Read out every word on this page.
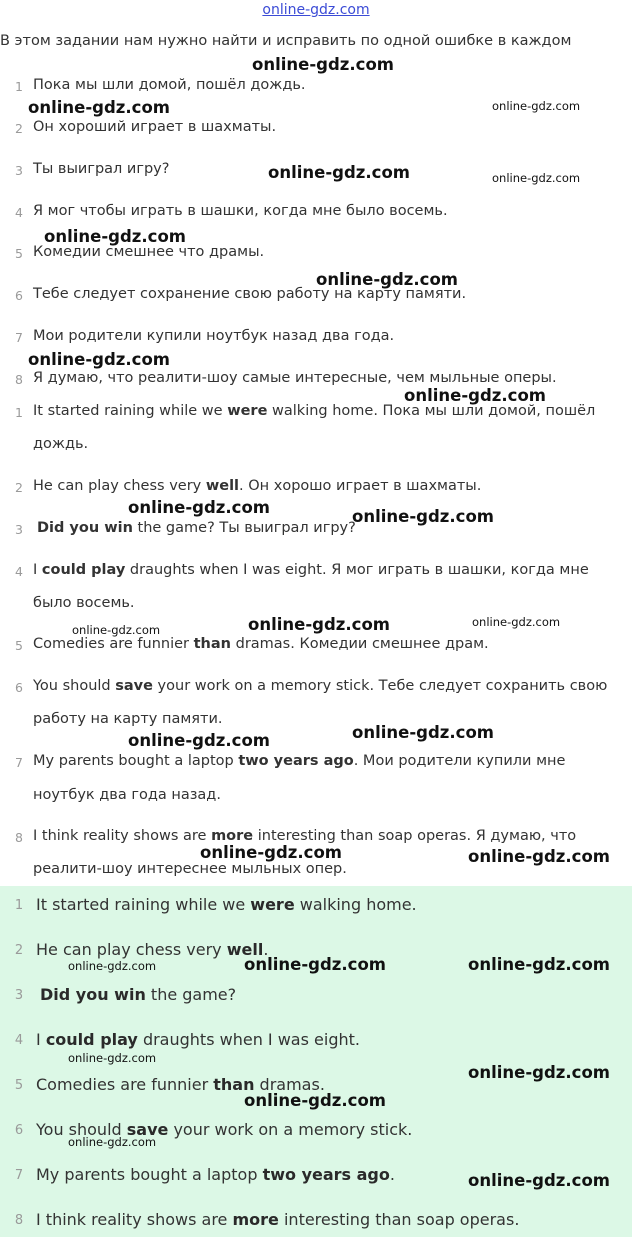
online-gdz.com
В этом задании нам нужно найти и исправить по одной ошибке в каждом
1 Пока мы шли домой, пошёл дождь.
2 Он хороший играет в шахматы.
3 Ты выиграл игру?
4 Я мог чтобы играть в шашки, когда мне было восемь.
5 Комедии смешнее что драмы.
6 Тебе следует сохранение свою работу на карту памяти.
7 Мои родители купили ноутбук назад два года.
8 Я думаю, что реалити-шоу самые интересные, чем мыльные оперы.
1 It started raining while we were walking home. Пока мы шли домой, пошёл
дождь.
2 He can play chess very well. Он хорошо играет в шахматы.
3 Did you win the game? Ты выиграл игру?
4 I could play draughts when I was eight. Я мог играть в шашки, когда мне
было восемь.
5 Comedies are funnier than dramas. Комедии смешнее драм.
6 You should save your work on a memory stick. Тебе следует сохранить свою
работу на карту памяти.
7 My parents bought a laptop two years ago. Мои родители купили мне
ноутбук два года назад.
8 I think reality shows are more interesting than soap operas. Я думаю, что
реалити-шоу интереснее мыльных опер.
1 It started raining while we were walking home.
2 He can play chess very well.
3 Did you win the game?
4 I could play draughts when I was eight.
5 Comedies are funnier than dramas.
6 You should save your work on a memory stick.
7 My parents bought a laptop two years ago.
8 I think reality shows are more interesting than soap operas.
online-gdz.com
online-gdz.com	online-gdz.com
online-gdz.com	online-gdz.com
online-gdz.com
online-gdz.com
online-gdz.com
online-gdz.com
online-gdz.com	online-gdz.com
online-gdz.com	online-gdz.com	online-gdz.com
online-gdz.com
online-gdz.com
online-gdz.com	online-gdz.com
online-gdz.com	online-gdz.com	online-gdz.com
online-gdz.com
online-gdz.com
online-gdz.com
online-gdz.com
online-gdz.com
